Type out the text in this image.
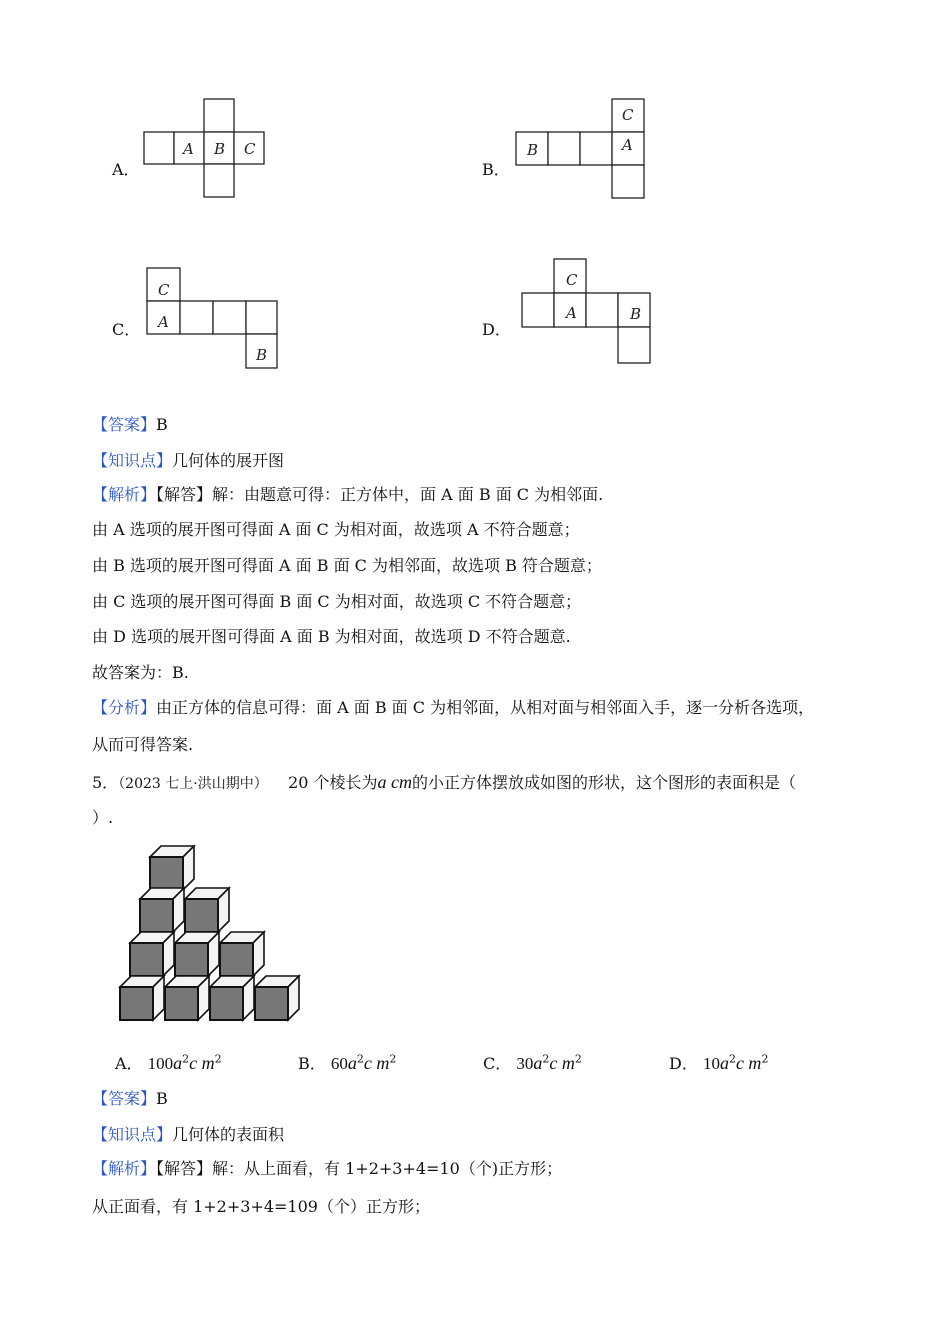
A．
A B C
B．
C
B	A
C．
C
A
B
D．
C
A	B
【答案】B
【知识点】几何体的展开图
【解析】【解答】解：由题意可得：正方体中，面 A 面 B 面 C 为相邻面.
由 A 选项的展开图可得面 A 面 C 为相对面，故选项 A 不符合题意；
由 B 选项的展开图可得面 A 面 B 面 C 为相邻面，故选项 B 符合题意；
由 C 选项的展开图可得面 B 面 C 为相对面，故选项 C 不符合题意；
由 D 选项的展开图可得面 A 面 B 为相对面，故选项 D 不符合题意.
故答案为：B.
【分析】由正方体的信息可得：面 A 面 B 面 C 为相邻面，从相对面与相邻面入手，逐一分析各选项，
从而可得答案.
5．（2023 七上·洪山期中） 20 个棱长为a cm的小正方体摆放成如图的形状，这个图形的表面积是（
）.
A． $100a^2c$ $m^2$	B． $60a^2c$ $m^2$	C． $30a^2c$ $m^2$	D． $10a^2c$ $m^2$
【答案】B
【知识点】几何体的表面积
【解析】【解答】解：从上面看，有 1+2+3+4=10（个)正方形；
从正面看，有 1+2+3+4=109（个）正方形；
